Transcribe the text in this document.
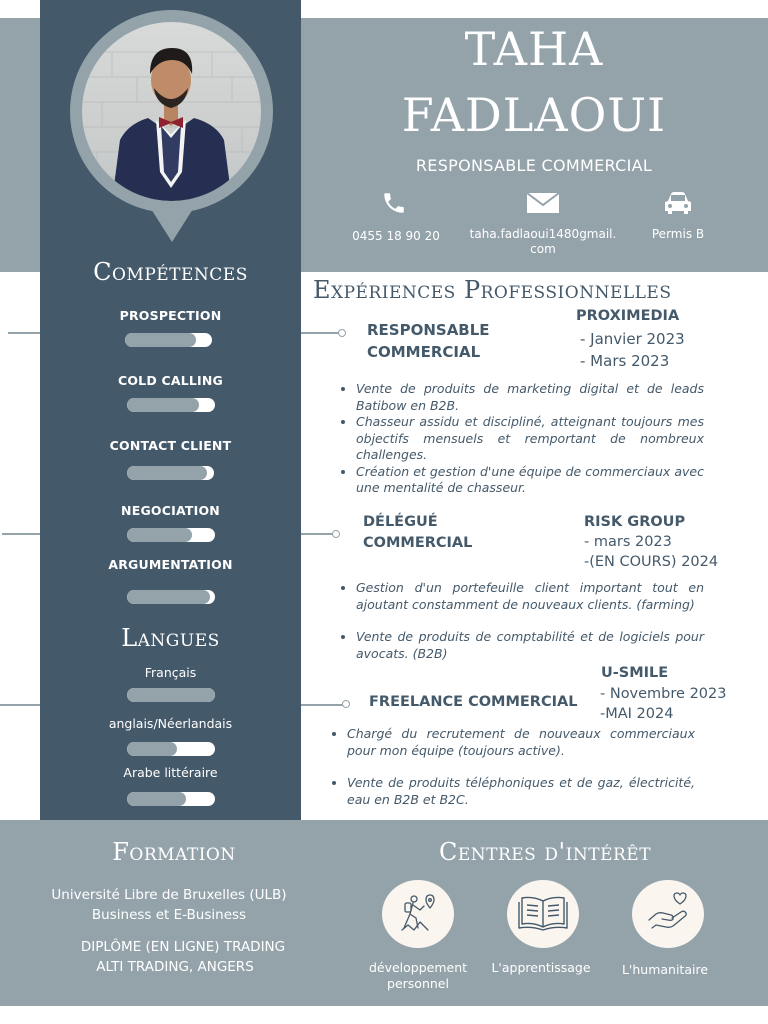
TAHA
FADLAOUI
RESPONSABLE COMMERCIAL
0455 18 90 20	taha.fadlaoui1480gmail.com
Permis B
Compétences
PROSPECTION
COLD CALLING
CONTACT CLIENT
NEGOCIATION
ARGUMENTATION
Langues
Français
anglais/Néerlandais
Arabe littéraire
Expériences Professionnelles
RESPONSABLE
COMMERCIAL
PROXIMEDIA
- Janvier 2023
- Mars 2023
• Vente de produits de marketing digital et de leads Batibow en B2B.
• Chasseur assidu et discipliné, atteignant toujours mes objectifs mensuels et remportant de nombreux challenges.
• Création et gestion d'une équipe de commerciaux avec une mentalité de chasseur.
DÉLÉGUÉ
COMMERCIAL
RISK GROUP
- mars 2023
-(EN COURS) 2024
• Gestion d'un portefeuille client important tout en ajoutant constamment de nouveaux clients. (farming)
• Vente de produits de comptabilité et de logiciels pour avocats. (B2B)
FREELANCE COMMERCIAL
U-SMILE
- Novembre 2023
-MAI 2024
• Chargé du recrutement de nouveaux commerciaux pour mon équipe (toujours active).
• Vente de produits téléphoniques et de gaz, électricité, eau en B2B et B2C.
Formation
Université Libre de Bruxelles (ULB)
Business et E-Business
DIPLÔME (EN LIGNE) TRADING
ALTI TRADING, ANGERS
Centres d'intérêt
développement
personnel
L'apprentissage	L'humanitaire
